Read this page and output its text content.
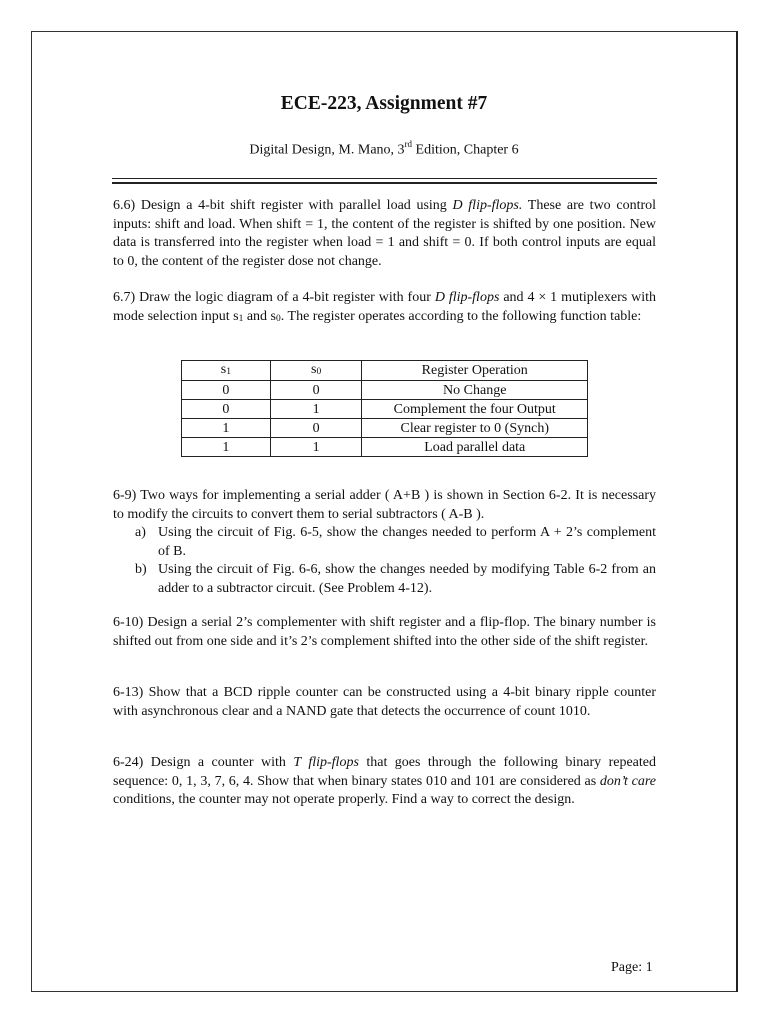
ECE-223, Assignment #7
Digital Design, M. Mano, 3rd Edition, Chapter 6
6.6) Design a 4-bit shift register with parallel load using D flip-flops. These are two control inputs: shift and load. When shift = 1, the content of the register is shifted by one position. New data is transferred into the register when load = 1 and shift = 0. If both control inputs are equal to 0, the content of the register dose not change.
6.7) Draw the logic diagram of a 4-bit register with four D flip-flops and 4 × 1 mutiplexers with mode selection input $s_1$ and $s_0$. The register operates according to the following function table:
$s_1$	$s_0$	Register Operation
0	0	No Change
0	1	Complement the four Output
1	0	Clear register to 0 (Synch)
1	1	Load parallel data
6-9) Two ways for implementing a serial adder ( A+B ) is shown in Section 6-2. It is necessary to modify the circuits to convert them to serial subtractors ( A-B ).
a) Using the circuit of Fig. 6-5, show the changes needed to perform A + 2’s complement of B.
b) Using the circuit of Fig. 6-6, show the changes needed by modifying Table 6-2 from an adder to a subtractor circuit. (See Problem 4-12).
6-10) Design a serial 2’s complementer with shift register and a flip-flop. The binary number is shifted out from one side and it’s 2’s complement shifted into the other side of the shift register.
6-13) Show that a BCD ripple counter can be constructed using a 4-bit binary ripple counter with asynchronous clear and a NAND gate that detects the occurrence of count 1010.
6-24) Design a counter with T flip-flops that goes through the following binary repeated sequence: 0, 1, 3, 7, 6, 4. Show that when binary states 010 and 101 are considered as don’t care conditions, the counter may not operate properly. Find a way to correct the design.
Page: 1
